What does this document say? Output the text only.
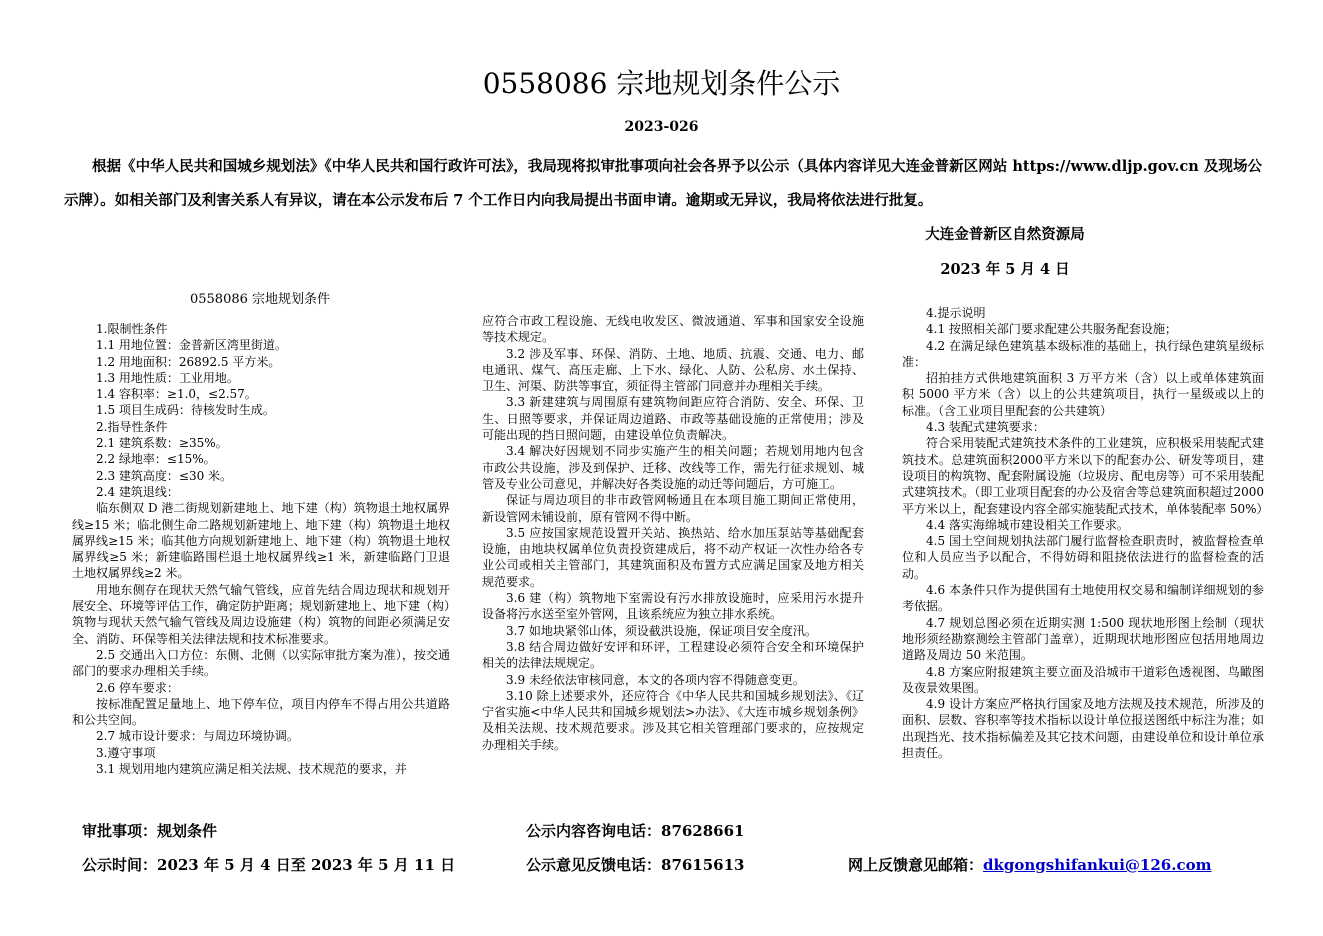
0558086 宗地规划条件公示
2023-026

根据《中华人民共和国城乡规划法》《中华人民共和国行政许可法》，我局现将拟审批事项向社会各界予以公示（具体内容详见大连金普新区网站 https://www.dljp.gov.cn 及现场公示牌）。如相关部门及利害关系人有异议，请在本公示发布后 7 个工作日内向我局提出书面申请。逾期或无异议，我局将依法进行批复。

大连金普新区自然资源局
2023 年 5 月 4 日
0558086 宗地规划条件

1.限制性条件

1.1 用地位置：金普新区湾里街道。

1.2 用地面积：26892.5 平方米。

1.3 用地性质：工业用地。

1.4 容积率：≥1.0，≤2.57。

1.5 项目生成码：待核发时生成。

2.指导性条件

2.1 建筑系数：≥35%。

2.2 绿地率：≤15%。

2.3 建筑高度：≤30 米。

2.4 建筑退线：

临东侧双 D 港二街规划新建地上、地下建（构）筑物退土地权属界线≥15 米；临北侧生命二路规划新建地上、地下建（构）筑物退土地权属界线≥15 米；临其他方向规划新建地上、地下建（构）筑物退土地权属界线≥5 米；新建临路围栏退土地权属界线≥1 米，新建临路门卫退土地权属界线≥2 米。

用地东侧存在现状天然气输气管线，应首先结合周边现状和规划开展安全、环境等评估工作，确定防护距离；规划新建地上、地下建（构）筑物与现状天然气输气管线及周边设施建（构）筑物的间距必须满足安全、消防、环保等相关法律法规和技术标准要求。

2.5 交通出入口方位：东侧、北侧（以实际审批方案为准），按交通部门的要求办理相关手续。

2.6 停车要求：

按标准配置足量地上、地下停车位，项目内停车不得占用公共道路和公共空间。

2.7 城市设计要求：与周边环境协调。

3.遵守事项

3.1 规划用地内建筑应满足相关法规、技术规范的要求，并

应符合市政工程设施、无线电收发区、微波通道、军事和国家安全设施等技术规定。

3.2 涉及军事、环保、消防、土地、地质、抗震、交通、电力、邮电通讯、煤气、高压走廊、上下水、绿化、人防、公私房、水土保持、卫生、河渠、防洪等事宜，须征得主管部门同意并办理相关手续。

3.3 新建建筑与周围原有建筑物间距应符合消防、安全、环保、卫生、日照等要求，并保证周边道路、市政等基础设施的正常使用；涉及可能出现的挡日照问题，由建设单位负责解决。

3.4 解决好因规划不同步实施产生的相关问题；若规划用地内包含市政公共设施，涉及到保护、迁移、改线等工作，需先行征求规划、城管及专业公司意见，并解决好各类设施的动迁等问题后，方可施工。

保证与周边项目的非市政管网畅通且在本项目施工期间正常使用，新设管网未铺设前，原有管网不得中断。

3.5 应按国家规范设置开关站、换热站、给水加压泵站等基础配套设施，由地块权属单位负责投资建成后，将不动产权证一次性办给各专业公司或相关主管部门，其建筑面积及布置方式应满足国家及地方相关规范要求。

3.6 建（构）筑物地下室需设有污水排放设施时，应采用污水提升设备将污水送至室外管网，且该系统应为独立排水系统。

3.7 如地块紧邻山体，须设截洪设施，保证项目安全度汛。

3.8 结合周边做好安评和环评，工程建设必须符合安全和环境保护相关的法律法规规定。

3.9 未经依法审核同意，本文的各项内容不得随意变更。

3.10 除上述要求外，还应符合《中华人民共和国城乡规划法》、《辽宁省实施<中华人民共和国城乡规划法>办法》、《大连市城乡规划条例》及相关法规、技术规范要求。涉及其它相关管理部门要求的，应按规定办理相关手续。

4.提示说明

4.1 按照相关部门要求配建公共服务配套设施；

4.2 在满足绿色建筑基本级标准的基础上，执行绿色建筑星级标准：

招拍挂方式供地建筑面积 3 万平方米（含）以上或单体建筑面积 5000 平方米（含）以上的公共建筑项目，执行一星级或以上的标准。（含工业项目里配套的公共建筑）

4.3 装配式建筑要求：

符合采用装配式建筑技术条件的工业建筑，应积极采用装配式建筑技术。总建筑面积2000平方米以下的配套办公、研发等项目，建设项目的构筑物、配套附属设施（垃圾房、配电房等）可不采用装配式建筑技术。（即工业项目配套的办公及宿舍等总建筑面积超过2000平方米以上，配套建设内容全部实施装配式技术，单体装配率 50%）

4.4 落实海绵城市建设相关工作要求。

4.5 国土空间规划执法部门履行监督检查职责时，被监督检查单位和人员应当予以配合，不得妨碍和阻挠依法进行的监督检查的活动。

4.6 本条件只作为提供国有土地使用权交易和编制详细规划的参考依据。

4.7 规划总图必须在近期实测 1:500 现状地形图上绘制（现状地形须经勘察测绘主管部门盖章），近期现状地形图应包括用地周边道路及周边 50 米范围。

4.8 方案应附报建筑主要立面及沿城市干道彩色透视图、鸟瞰图及夜景效果图。

4.9 设计方案应严格执行国家及地方法规及技术规范，所涉及的面积、层数、容积率等技术指标以设计单位报送图纸中标注为准；如出现挡光、技术指标偏差及其它技术问题，由建设单位和设计单位承担责任。

审批事项：规划条件	公示内容咨询电话：87628661
公示时间：2023 年 5 月 4 日至 2023 年 5 月 11 日	公示意见反馈电话：87615613	网上反馈意见邮箱：dkgongshifankui@126.com
